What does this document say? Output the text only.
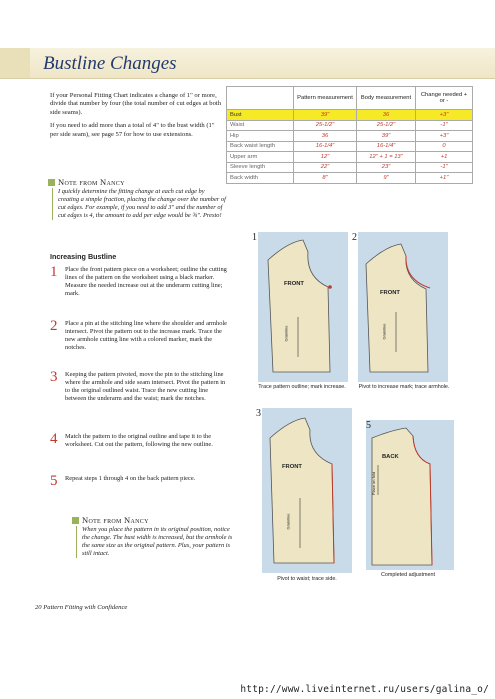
Bustline Changes

If your Personal Fitting Chart indicates a change of 1" or more, divide that number by four (the total number of cut edges at both side seams).

If you need to add more than a total of 4" to the bust width (1" per side seam), see page 57 for how to use extensions.

Note from Nancy
I quickly determine the fitting change at each cut edge by creating a simple fraction, placing the change over the number of cut edges. For example, if you need to add 3" and the number of cut edges is 4, the amount to add per edge would be ¾". Presto!
Increasing Bustline
1 Place the front pattern piece on a worksheet; outline the cutting lines of the pattern on the worksheet using a black marker. Measure the needed increase out at the underarm cutting line; mark.
2 Place a pin at the stitching line where the shoulder and armhole intersect. Pivot the pattern out to the increase mark. Trace the new armhole cutting line with a colored marker, mark the notches.
3 Keeping the pattern pivoted, move the pin to the stitching line where the armhole and side seam intersect. Pivot the pattern in to the original outlined waist. Trace the new cutting line between the underarm and the waist; mark the notches.
4 Match the pattern to the original outline and tape it to the worksheet. Cut out the pattern, following the new outline.
5 Repeat steps 1 through 4 on the back pattern piece.
Note from Nancy
When you place the pattern in its original position, notice the change. The bust width is increased, but the armhole is the same size as the original pattern. Plus, your pattern is still intact.
	Pattern measurement	Body measurement	Change needed + or -
Bust	39"	36	+3"
Waist	25-1/2"	25-1/2"	-1"
Hip	36	39"	+3"
Back waist length	16-1/4"	16-1/4"	0
Upper arm	12"	12" + 1 = 13"	+1
Sleeve length	22"	23"	-1"
Back width	8"	9"	+1"
1
FRONT
Grainline
Trace pattern outline; mark increase.
2
FRONT
Grainline
Pivot to increase mark; trace armhole.
3
FRONT
Grainline
Pivot to waist; trace side.
5
BACK
Place on fold
Completed adjustment
20 Pattern Fitting with Confidence
http://www.liveinternet.ru/users/galina_o/
